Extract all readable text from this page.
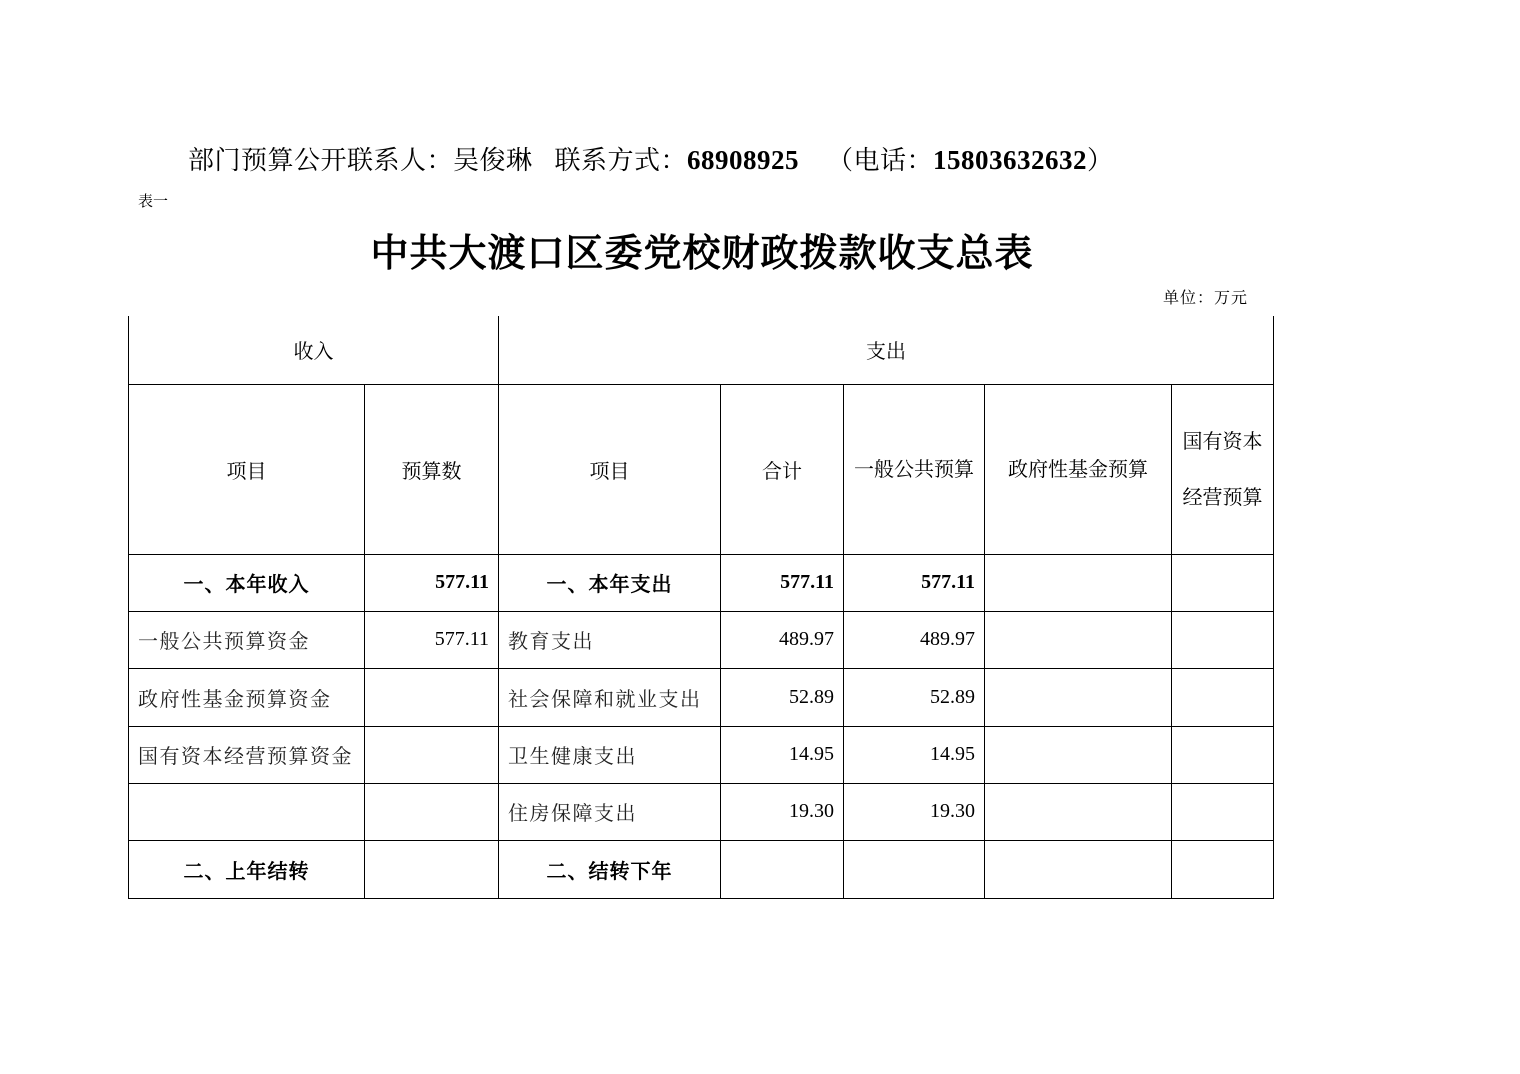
部门预算公开联系人：吴俊琳 联系方式：68908925 （电话：15803632632）
表一
中共大渡口区委党校财政拨款收支总表
单位：万元
收入		支出				
项目	预算数	项目	合计	一般公共预算	政府性基金预算	国有资本经营预算
一、本年收入	577.11	一、本年支出	577.11	577.11		
一般公共预算资金	577.11	教育支出	489.97	489.97		
政府性基金预算资金		社会保障和就业支出	52.89	52.89		
国有资本经营预算资金		卫生健康支出	14.95	14.95		
		住房保障支出	19.30	19.30		
二、上年结转		二、结转下年				
